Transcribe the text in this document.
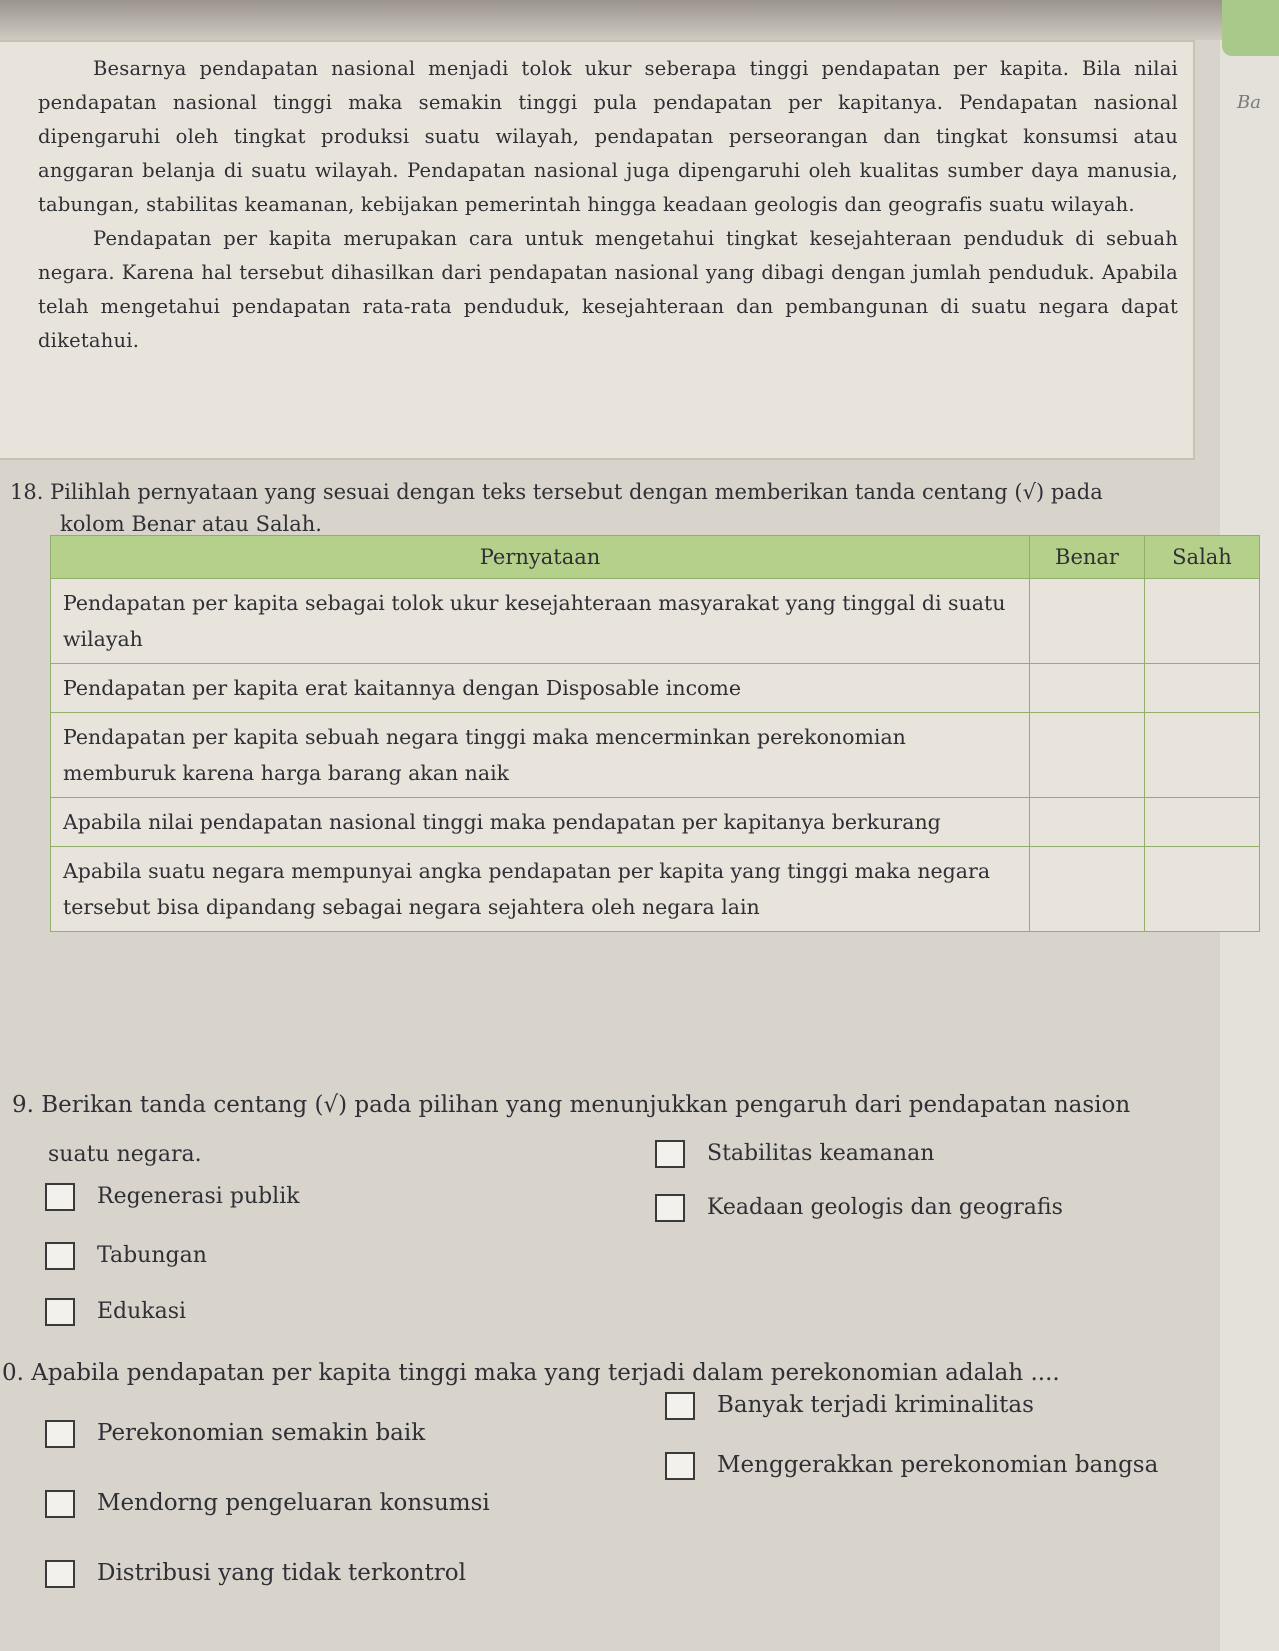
Ba

Besarnya pendapatan nasional menjadi tolok ukur seberapa tinggi pendapatan per kapita. Bila nilai pendapatan nasional tinggi maka semakin tinggi pula pendapatan per kapitanya. Pendapatan nasional dipengaruhi oleh tingkat produksi suatu wilayah, pendapatan perseorangan dan tingkat konsumsi atau anggaran belanja di suatu wilayah. Pendapatan nasional juga dipengaruhi oleh kualitas sumber daya manusia, tabungan, stabilitas keamanan, kebijakan pemerintah hingga keadaan geologis dan geografis suatu wilayah.

Pendapatan per kapita merupakan cara untuk mengetahui tingkat kesejahteraan penduduk di sebuah negara. Karena hal tersebut dihasilkan dari pendapatan nasional yang dibagi dengan jumlah penduduk. Apabila telah mengetahui pendapatan rata-rata penduduk, kesejahteraan dan pembangunan di suatu negara dapat diketahui.

18. Pilihlah pernyataan yang sesuai dengan teks tersebut dengan memberikan tanda centang (√) pada
kolom Benar atau Salah.
Pernyataan	Benar	Salah
Pendapatan per kapita sebagai tolok ukur kesejahteraan masyarakat yang tinggal di suatu wilayah		
Pendapatan per kapita erat kaitannya dengan Disposable income		
Pendapatan per kapita sebuah negara tinggi maka mencerminkan perekonomian memburuk karena harga barang akan naik		
Apabila nilai pendapatan nasional tinggi maka pendapatan per kapitanya berkurang		
Apabila suatu negara mempunyai angka pendapatan per kapita yang tinggi maka negara tersebut bisa dipandang sebagai negara sejahtera oleh negara lain		
9. Berikan tanda centang (√) pada pilihan yang menunjukkan pengaruh dari pendapatan nasion
suatu negara.
Regenerasi publik
Tabungan
Edukasi
Stabilitas keamanan
Keadaan geologis dan geografis
0. Apabila pendapatan per kapita tinggi maka yang terjadi dalam perekonomian adalah ....
Perekonomian semakin baik
Mendorng pengeluaran konsumsi
Distribusi yang tidak terkontrol
Banyak terjadi kriminalitas
Menggerakkan perekonomian bangsa
